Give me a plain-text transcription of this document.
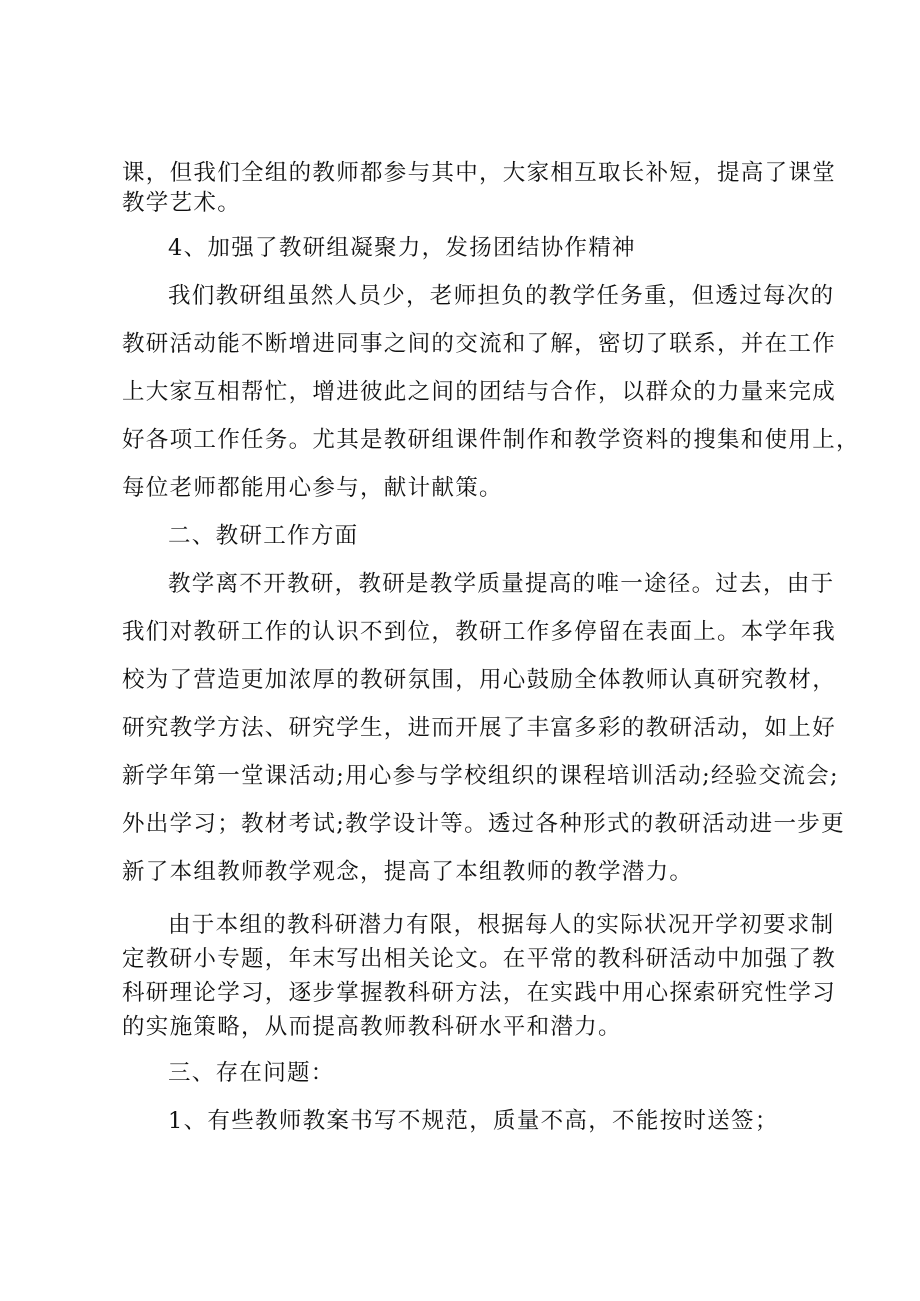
课，但我们全组的教师都参与其中，大家相互取长补短，提高了课堂
教学艺术。
4、加强了教研组凝聚力，发扬团结协作精神
我们教研组虽然人员少，老师担负的教学任务重，但透过每次的
教研活动能不断增进同事之间的交流和了解，密切了联系，并在工作
上大家互相帮忙，增进彼此之间的团结与合作，以群众的力量来完成
好各项工作任务。尤其是教研组课件制作和教学资料的搜集和使用上，
每位老师都能用心参与，献计献策。
二、教研工作方面
教学离不开教研，教研是教学质量提高的唯一途径。过去，由于
我们对教研工作的认识不到位，教研工作多停留在表面上。本学年我
校为了营造更加浓厚的教研氛围，用心鼓励全体教师认真研究教材，
研究教学方法、研究学生，进而开展了丰富多彩的教研活动，如上好
新学年第一堂课活动;用心参与学校组织的课程培训活动;经验交流会;
外出学习；教材考试;教学设计等。透过各种形式的教研活动进一步更
新了本组教师教学观念，提高了本组教师的教学潜力。
由于本组的教科研潜力有限，根据每人的实际状况开学初要求制
定教研小专题，年末写出相关论文。在平常的教科研活动中加强了教
科研理论学习，逐步掌握教科研方法，在实践中用心探索研究性学习
的实施策略，从而提高教师教科研水平和潜力。
三、存在问题：
1、有些教师教案书写不规范，质量不高，不能按时送签；
